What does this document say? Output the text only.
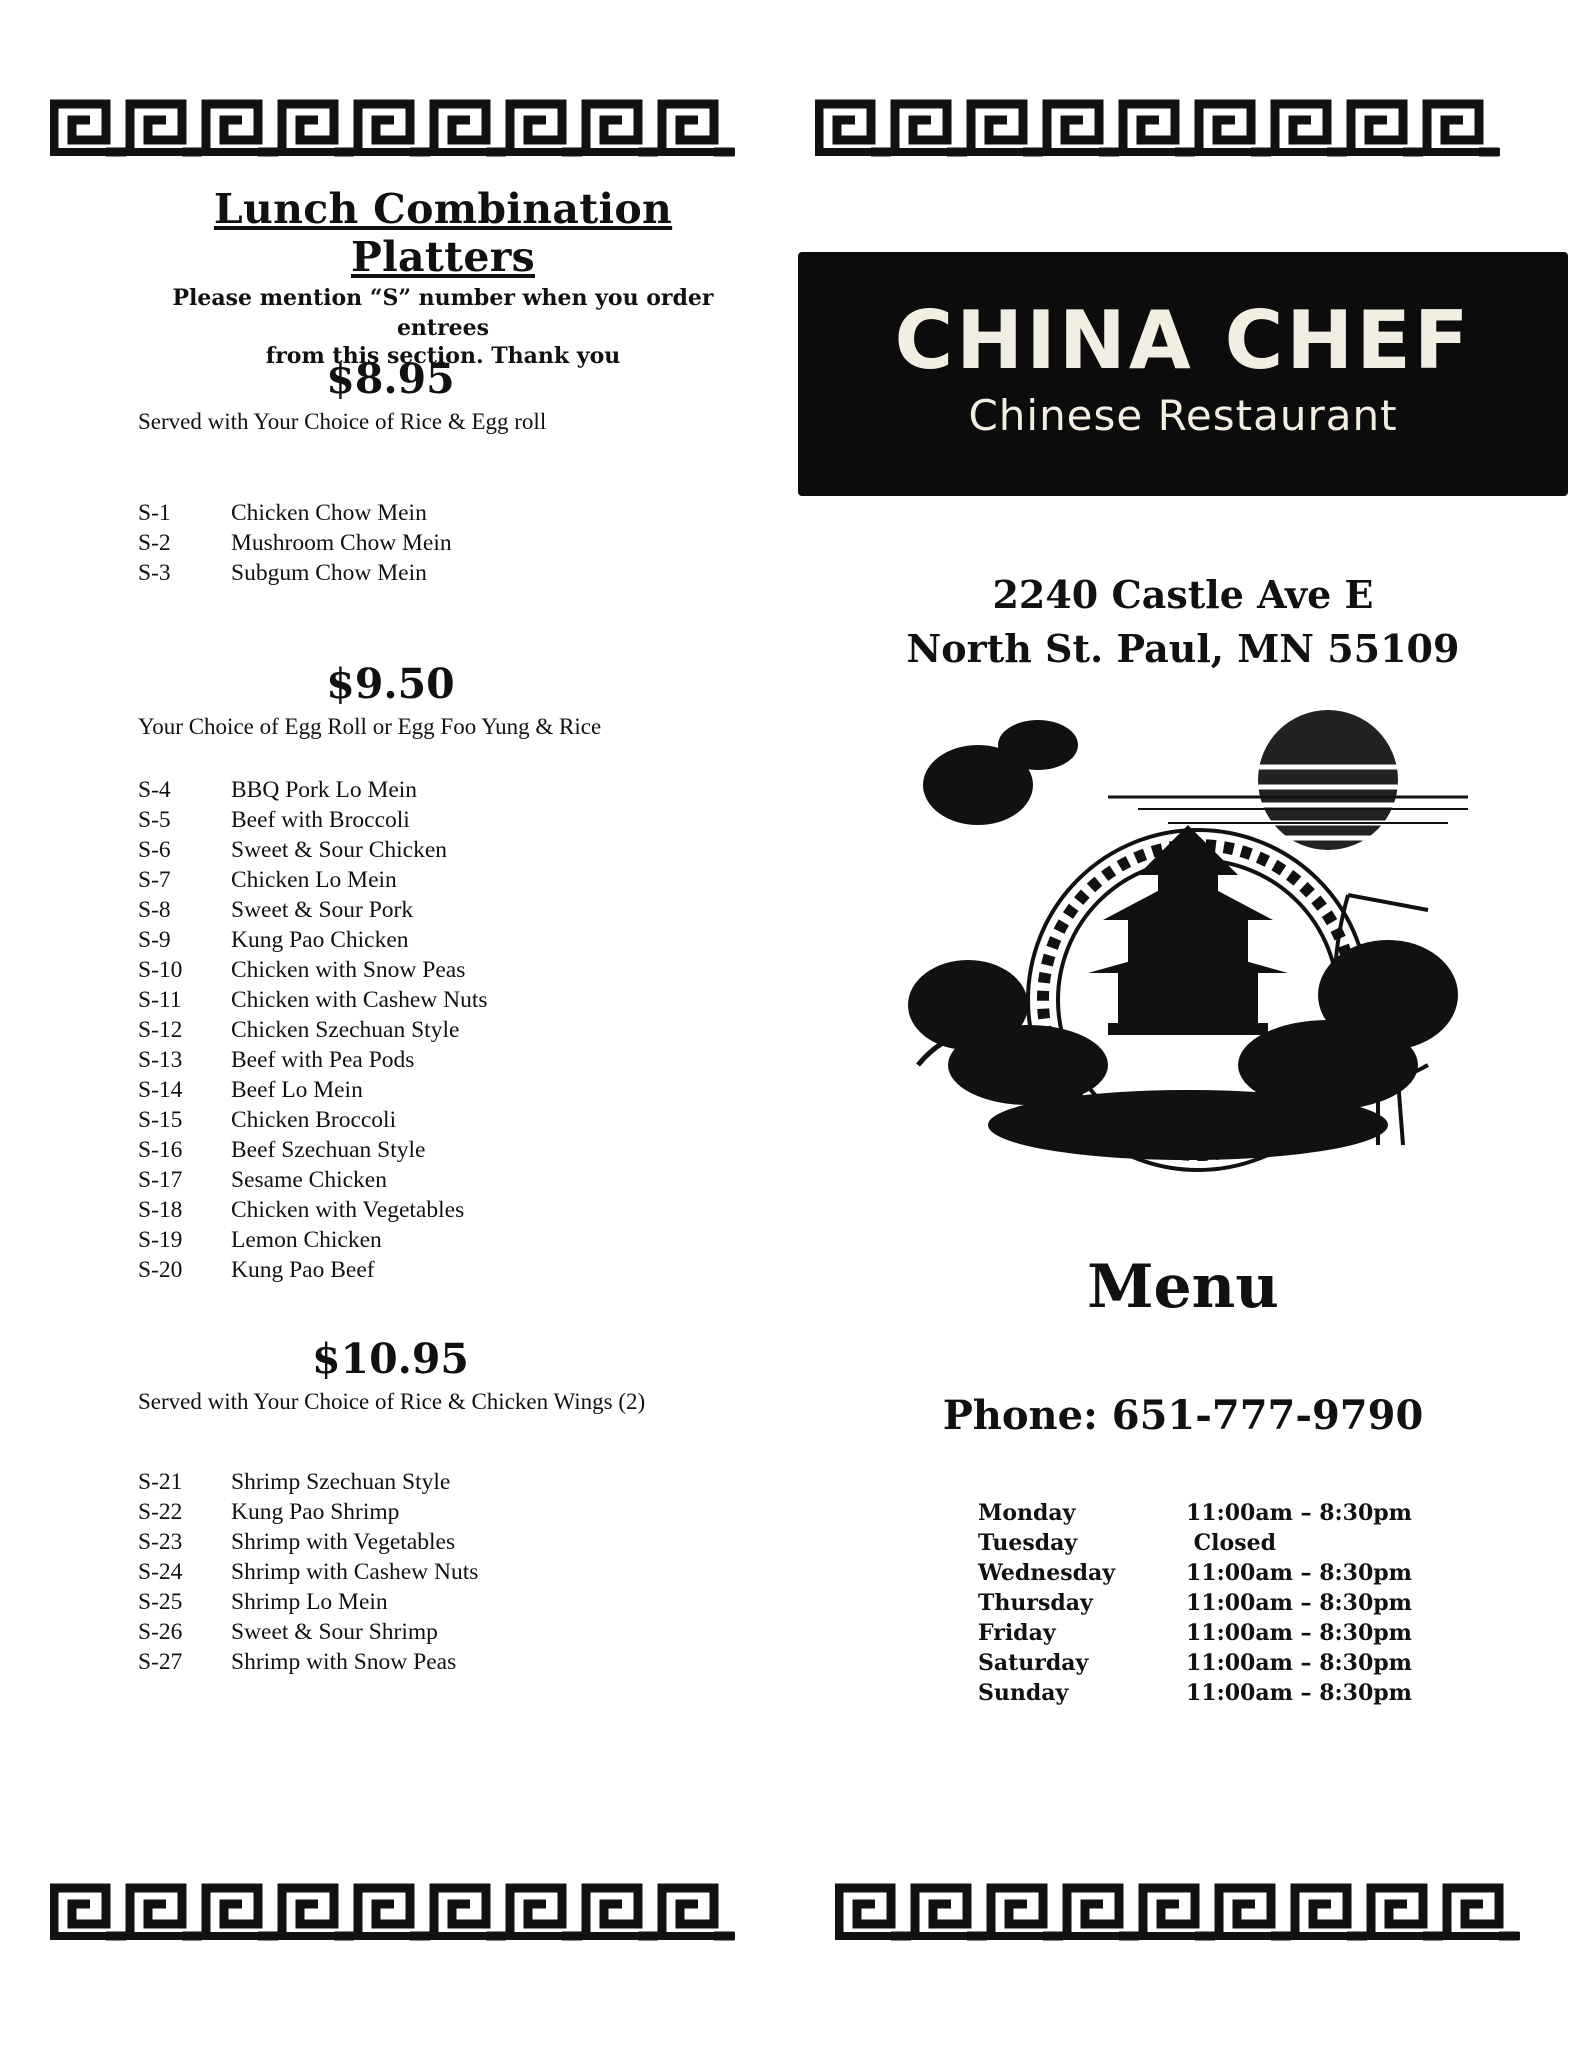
Lunch Combination Platters
Please mention “S” number when you order entrees
from this section. Thank you
$8.95
Served with Your Choice of Rice & Egg roll
S-1	Chicken Chow Mein
S-2	Mushroom Chow Mein
S-3	Subgum Chow Mein
$9.50
Your Choice of Egg Roll or Egg Foo Yung & Rice
S-4	BBQ Pork Lo Mein
S-5	Beef with Broccoli
S-6	Sweet & Sour Chicken
S-7	Chicken Lo Mein
S-8	Sweet & Sour Pork
S-9	Kung Pao Chicken
S-10 Chicken with Snow Peas
S-11 Chicken with Cashew Nuts
S-12 Chicken Szechuan Style
S-13 Beef with Pea Pods
S-14 Beef Lo Mein
S-15 Chicken Broccoli
S-16 Beef Szechuan Style
S-17 Sesame Chicken
S-18 Chicken with Vegetables
S-19 Lemon Chicken
S-20 Kung Pao Beef
$10.95
Served with Your Choice of Rice & Chicken Wings (2)
S-21 Shrimp Szechuan Style
S-22 Kung Pao Shrimp
S-23 Shrimp with Vegetables
S-24 Shrimp with Cashew Nuts
S-25 Shrimp Lo Mein
S-26 Sweet & Sour Shrimp
S-27 Shrimp with Snow Peas
CHINA CHEF
Chinese Restaurant
2240 Castle Ave E
North St. Paul, MN 55109
Menu
Phone: 651-777-9790
Monday	11:00am – 8:30pm
Tuesday	Closed
Wednesday	11:00am – 8:30pm
Thursday	11:00am – 8:30pm
Friday	11:00am – 8:30pm
Saturday	11:00am – 8:30pm
Sunday	11:00am – 8:30pm
